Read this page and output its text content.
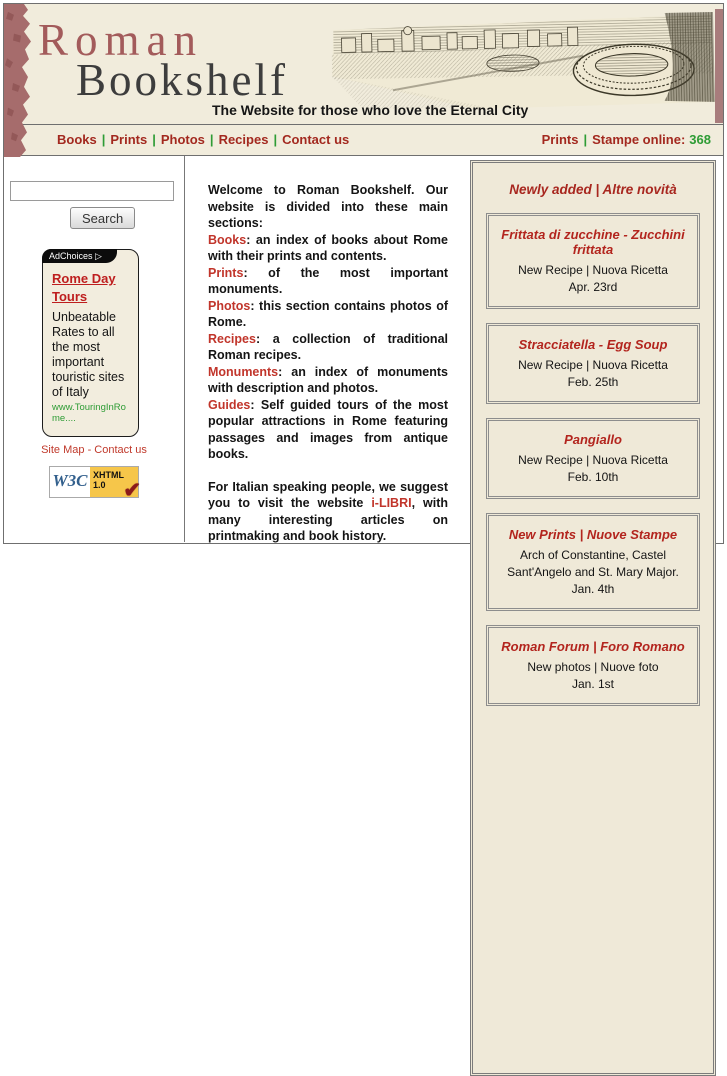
Roman
Bookshelf
The Website for those who love the Eternal City
Books | Prints | Photos | Recipes | Contact us	Prints | Stampe online: 368
Search
AdChoices ▷
Rome Day Tours
Unbeatable Rates to all the most important touristic sites of Italy
www.TouringInRome....
Site Map - Contact us
W3C XHTML
1.0 ✔
Welcome to Roman Bookshelf. Our website is divided into these main sections:
Books: an index of books about Rome with their prints and contents.
Prints: of the most important monuments.
Photos: this section contains photos of Rome.
Recipes: a collection of traditional Roman recipes.
Monuments: an index of monuments with description and photos.
Guides: Self guided tours of the most popular attractions in Rome featuring passages and images from antique books.
For Italian speaking people, we suggest you to visit the website i-LIBRI, with many interesting articles on printmaking and book history.
Newly added | Altre novità
Frittata di zucchine - Zucchini frittata
New Recipe | Nuova Ricetta
Apr. 23rd
Stracciatella - Egg Soup
New Recipe | Nuova Ricetta
Feb. 25th
Pangiallo
New Recipe | Nuova Ricetta
Feb. 10th
New Prints | Nuove Stampe
Arch of Constantine, Castel Sant'Angelo and St. Mary Major.
Jan. 4th
Roman Forum | Foro Romano
New photos | Nuove foto
Jan. 1st
